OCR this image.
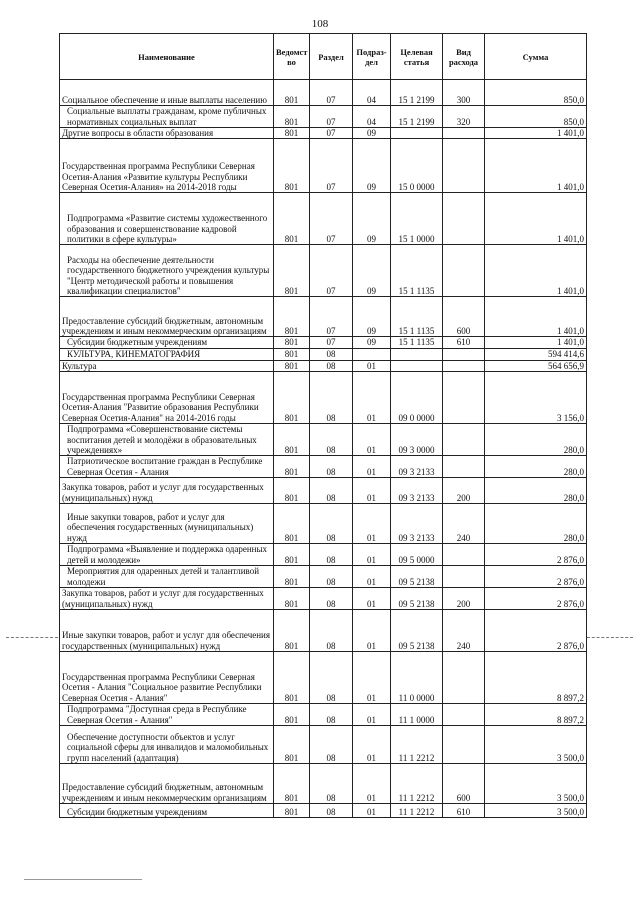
108
Наименование	Ведомст во	Раздел	Подраз- дел	Целевая статья	Вид расхода	Сумма
Социальное обеспечение и иные выплаты населению	801	07	04	15 1 2199	300	850,0
Социальные выплаты гражданам, кроме публичных нормативных социальных выплат	801	07	04	15 1 2199	320	850,0
Другие вопросы в области образования	801	07	09			1 401,0
Государственная программа Республики Северная Осетия-Алания «Развитие культуры Республики Северная Осетия-Алания» на 2014-2018 годы	801	07	09	15 0 0000		1 401,0
Подпрограмма «Развитие системы художественного образования и совершенствование кадровой политики в сфере культуры»	801	07	09	15 1 0000		1 401,0
Расходы на обеспечение деятельности государственного бюджетного учреждения культуры "Центр методической работы и повышения квалификации специалистов"	801	07	09	15 1 1135		1 401,0
Предоставление субсидий бюджетным, автономным учреждениям и иным некоммерческим организациям	801	07	09	15 1 1135	600	1 401,0
Субсидии бюджетным учреждениям	801	07	09	15 1 1135	610	1 401,0
КУЛЬТУРА, КИНЕМАТОГРАФИЯ	801	08				594 414,6
Культура	801	08	01			564 656,9
Государственная программа Республики Северная Осетия-Алания "Развитие образования Республики Северная Осетия-Алания" на 2014-2016 годы	801	08	01	09 0 0000		3 156,0
Подпрограмма «Совершенствование системы воспитания детей и молодёжи в образовательных учреждениях»	801	08	01	09 3 0000		280,0
Патриотическое воспитание граждан в Республике Северная Осетия - Алания	801	08	01	09 3 2133		280,0
Закупка товаров, работ и услуг для государственных (муниципальных) нужд	801	08	01	09 3 2133	200	280,0
Иные закупки товаров, работ и услуг для обеспечения государственных (муниципальных) нужд	801	08	01	09 3 2133	240	280,0
Подпрограмма «Выявление и поддержка одаренных детей и молодежи»	801	08	01	09 5 0000		2 876,0
Мероприятия для одаренных детей и талантливой молодежи	801	08	01	09 5 2138		2 876,0
Закупка товаров, работ и услуг для государственных (муниципальных) нужд	801	08	01	09 5 2138	200	2 876,0
Иные закупки товаров, работ и услуг для обеспечения государственных (муниципальных) нужд	801	08	01	09 5 2138	240	2 876,0
Государственная программа Республики Северная Осетия - Алания "Социальное развитие Республики Северная Осетия - Алания"	801	08	01	11 0 0000		8 897,2
Подпрограмма "Доступная среда в Республике Северная Осетия - Алания"	801	08	01	11 1 0000		8 897,2
Обеспечение доступности объектов и услуг социальной сферы для инвалидов и маломобильных групп населений (адаптация)	801	08	01	11 1 2212		3 500,0
Предоставление субсидий бюджетным, автономным учреждениям и иным некоммерческим организациям	801	08	01	11 1 2212	600	3 500,0
Субсидии бюджетным учреждениям	801	08	01	11 1 2212	610	3 500,0
